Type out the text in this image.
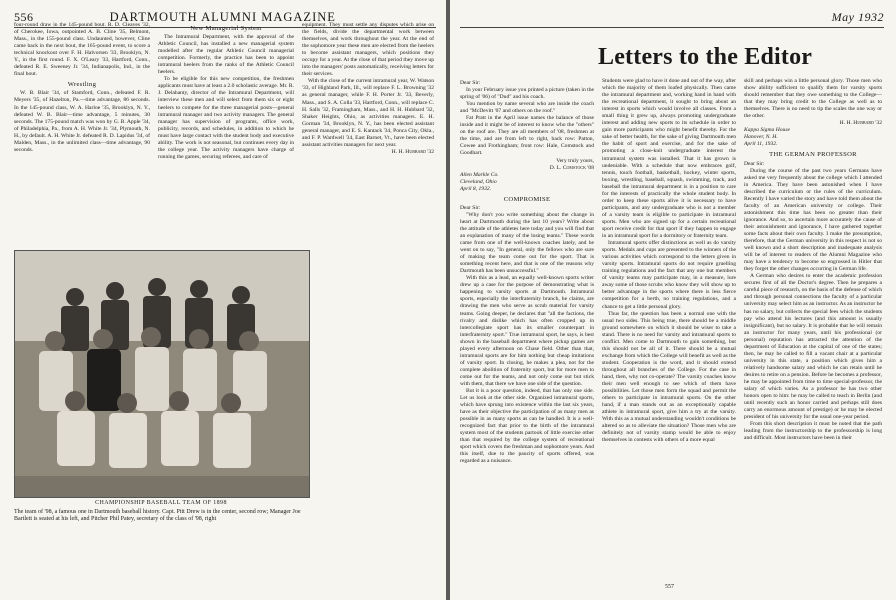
556	DARTMOUTH ALUMNI MAGAZINE

four-round draw in the 145-pound bout. R. D. Cleaves '32, of Cherokee, Iowa, outpointed A. B. Cline '35, Belmont, Mass., in the 155-pound class. Undaunted, however, Cline came back in the next bout, the 165-pound event, to score a technical knockout over F. H. Halvorsen '33, Brooklyn, N. Y., in the first round. F. X. O'Leary '33, Hartford, Conn., defeated R. E. Sweeney Jr. '34, Indianapolis, Ind., in the final bout.

Wrestling

W. B. Blair '34, of Stamford, Conn., defeated F. R. Meyers '35, of Hazelton, Pa.—time advantage, 86 seconds. In the 145-pound class, W. A. Harloe '35, Brooklyn, N. Y., defeated W. B. Blair—time advantage, 5 minutes, 30 seconds. The 175-pound match was won by G. B. Apple '34, of Philadelphia, Pa., from A. H. White Jr. '34, Plymouth, N. H., by default. A. H. White Jr. defeated R. D. Lapidus '34, of Malden, Mass., in the unlimited class—time advantage, 90 seconds.

New Managerial System

The Intramural Department, with the approval of the Athletic Council, has installed a new managerial system modelled after the regular Athletic Council managerial competition. Formerly, the practice has been to appoint intramural heelers from the ranks of the Athletic Council heelers.

To be eligible for this new competition, the freshmen applicants must have at least a 2.0 scholastic average. Mr. R. J. Delahanty, director of the Intramural Department, will interview these men and will select from them six or eight heelers to compete for the three managerial posts—general intramural manager and two activity managers. The general manager has supervision of programs, office work, publicity, records, and schedules, in addition to which he must have large contact with the student body and executive ability. The work is not seasonal, but continues every day in the college year. The activity managers have charge of running the games, securing referees, and care of

equipment. They must settle any disputes which arise on the fields, divide the departmental work between themselves, and work throughout the year. At the end of the sophomore year these men are elected from the heelers to become assistant managers, which positions they occupy for a year. At the close of that period they move up into the managers' posts automatically, receiving letters for their services.

With the close of the current intramural year, W. Watson '33, of Highland Park, Ill., will replace F. L. Browning '32 as general manager, while F. H. Porter Jr. '33, Beverly, Mass., and S. A. Colla '33, Hartford, Conn., will replace C. H. Salls '32, Framingham, Mass., and H. H. Hubbard '32, Shaker Heights, Ohio, as activities managers. E. H. Gorman '34, Brooklyn, N. Y., has been elected assistant general manager, and E. S. Kantack '34, Ponca City, Okla., and F. P. Wardwell '34, East Barnet, Vt., have been elected assistant activities managers for next year.

H. H. Hubbard '32
CHAMPIONSHIP BASEBALL TEAM OF 1898
The team of '98, a famous one in Dartmouth baseball history. Capt. Pitt Drew is in the center, second row; Manager Joe Bartlett is seated at his left, and Pitcher Phil Patey, secretary of the class of '98, right
May 1932
Letters to the Editor

Dear Sir:

In your February issue you printed a picture (taken in the spring of '06) of "Dud" and his coach.

You mention by name several who are inside the coach and "McDevitt '07 and others on the roof."

Fat Pratt in the April issue names the balance of those inside and it might be of interest to know who the "others" on the roof are. They are all members of '08, freshmen at the time, and are from left to right, back row: Patton, Cowee and Frothingham; front row: Hale, Comstock and Goodhart.

Very truly yours,
D. L. Comstock '08

Allen Markle Co.

Cleveland, Ohio

April 8, 1932.

COMPROMISE

Dear Sir:

"Why don't you write something about the change in heart at Dartmouth during the last 10 years? Write about the attitude of the athletes here today and you will find that an explanation of many of the losing teams." These words came from one of the well-known coaches lately, and he went on to say, "In general, only the fellows who are sure of making the team come out for the sport. That is something recent here, and that is one of the reasons why Dartmouth has been unsuccessful."

With this as a lead, an equally well-known sports writer drew up a case for the purpose of demonstrating what is happening to varsity sports at Dartmouth. Intramural sports, especially the interfraternity branch, he claims, are drawing the men who serve as scrub material for varsity teams. Going deeper, he declares that "all the factions, the rivalry and dislike which has often cropped up in intercollegiate sport has its smaller counterpart in interfraternity sport." True intramural sport, he says, is best shown in the baseball department where pickup games are played every afternoon on Chase field. Other than that, intramural sports are for him nothing but cheap imitations of varsity sport. In closing, he makes a plea, not for the complete abolition of fraternity sport, but for more men to come out for the teams, and not only come out but stick with them, that there we have one side of the question.

But it is a poor question, indeed, that has only one side. Let us look at the other side. Organized intramural sports, which have sprung into existence within the last six years, have as their objective the participation of as many men as possible in as many sports as can be handled. It is a well-recognized fact that prior to the birth of the intramural system most of the students partook of little exercise other than that required by the college system of recreational sport which covers the freshman and sophomore years. And this itself, due to the paucity of sports offered, was regarded as a nuisance.

Students were glad to have it done and out of the way, after which the majority of them loafed physically. Then came the intramural department and, working hand in hand with the recreational department, it sought to bring about an interest in sports which would involve all classes. From a small thing it grew up, always promoting undergraduate interest and adding new sports to its schedule in order to gain more participants who might benefit thereby. For the sake of better health, for the sake of giving Dartmouth men the habit of sport and exercise, and for the sake of promoting a close-knit undergraduate interest the intramural system was installed. That it has grown is undeniable. With a schedule that now embraces golf, tennis, touch football, basketball, hockey, winter sports, boxing, wrestling, baseball, squash, swimming, track, and baseball the intramural department is in a position to care for the interests of practically the whole student body. In order to keep these sports alive it is necessary to have participants, and any undergraduate who is not a member of a varsity team is eligible to participate in intramural sports. Men who are signed up for a certain recreational sport receive credit for that sport if they happen to engage in an intramural sport for a dormitory or fraternity team.

Intramural sports offer distinctions as well as do varsity sports. Medals and cups are presented to the winners of the various activities which correspond to the letters given in varsity sports. Intramural sports do not require gruelling training regulations and the fact that any one but members of varsity teams may participate may, in a measure, lure away some of those scrubs who know they will show up to better advantage in the sports where there is less fierce competition for a berth, no training regulations, and a chance to get a little personal glory.

Thus far, the question has been a normal one with the usual two sides. This being true, there should be a middle ground somewhere on which it should be wiser to take a stand. There is no need for varsity and intramural sports to conflict. Men come to Dartmouth to gain something, but this should not be all of it. There should be a mutual exchange from which the College will benefit as well as the student. Cooperation is the word, and it should extend throughout all branches of the College. For the case in hand, then, why not co-operate? The varsity coaches know their men well enough to see which of them have possibilities. Let those men form the squad and permit the others to participate in intramural sports. On the other hand, if a man stands out as an exceptionally capable athlete in intramural sport, give him a try at the varsity. With this as a mutual understanding wouldn't conditions be altered so as to alleviate the situation? Those men who are definitely not of varsity stamp would be able to enjoy themselves in contests with others of a more equal

skill and perhaps win a little personal glory. Those men who show ability sufficient to qualify them for varsity sports should remember that they owe something to the College—that they may bring credit to the College as well as to themselves. There is no need to tip the scales the one way or the other.

H. H. Hubbard '32

Kappa Sigma House

Hanover, N. H.

April 11, 1932.

THE GERMAN PROFESSOR

Dear Sir:

During the course of the past two years Germans have asked me very frequently about the college which I attended in America. They have been astonished when I have described the curriculum or the rules of the curriculum. Recently I have varied the story and have told them about the faculty of an American university or college. Their astonishment this time has been no greater than their ignorance. And so, to ascertain more accurately the cause of their astonishment and ignorance, I have gathered together some facts about their own faculty. I make the presumption, therefore, that the German university in this respect is not so well known and a short description and inadequate analysis will be of interest to readers of the Alumni Magazine who may have a tendency to become so engrossed in Hitler that they forget the other changes occurring in German life.

A German who desires to enter the academic profession secures first of all the Doctor's degree. Then he prepares a careful piece of research, on the basis of the defense of which and through personal connections the faculty of a particular university may select him as an instructor. As an instructor he has no salary, but collects the special fees which the students pay who attend his lectures (and this amount is usually insignificant), but no salary. It is probable that he will remain an instructor for many years, until his professional (or personal) reputation has attracted the attention of the department of Education at the capital of one of the states; then, he may be called to fill a vacant chair at a particular university in this state, a position which gives him a relatively handsome salary and which he can retain until he desires to retire on a pension. Before he becomes a professor, he may be appointed from time to time special-professor, the salary of which varies. As a professor he has two other honors open to him: he may be called to teach in Berlin (and until recently such an honor carried and perhaps still does carry an enormous amount of prestige) or he may be elected president of his university for the usual one-year period.

From this short description it must be noted that the path leading from the instructorship to the professorship is long and difficult. Most instructors have been in their

557
